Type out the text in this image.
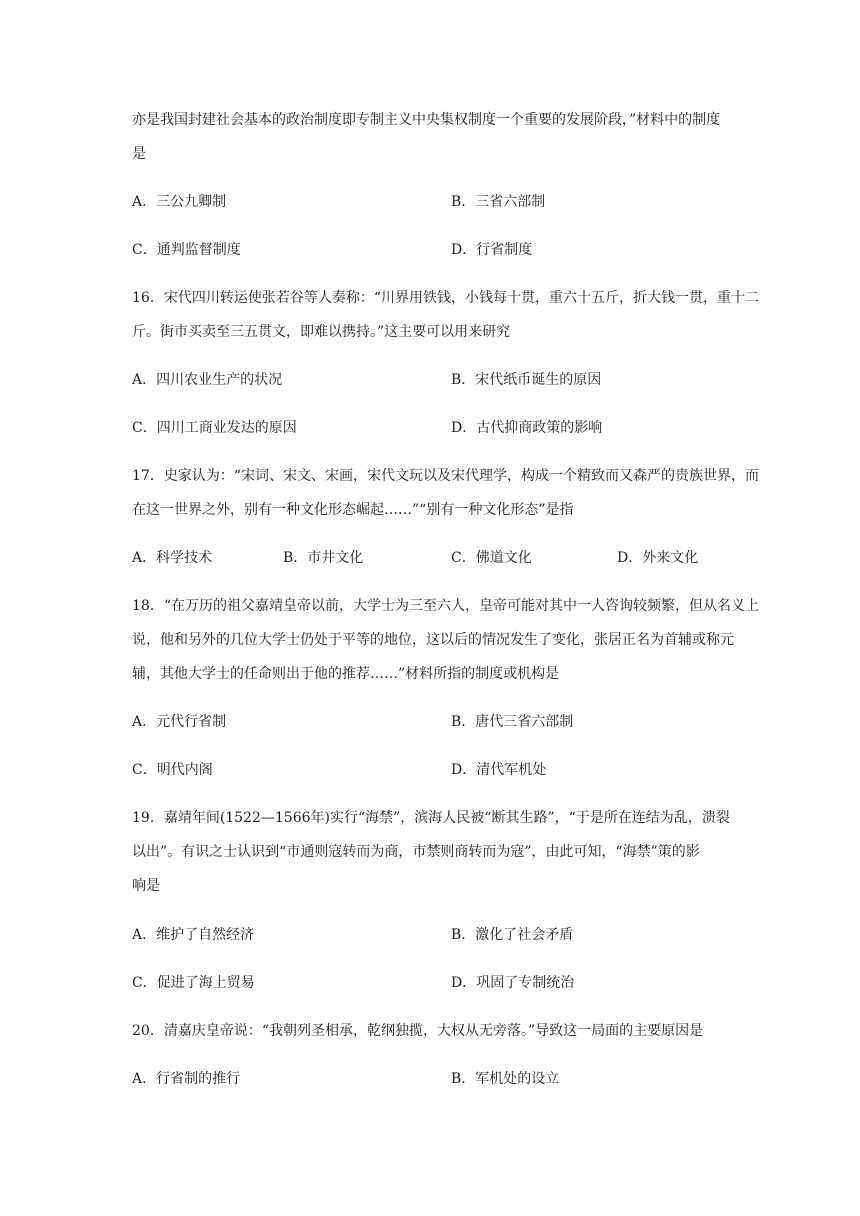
亦是我国封建社会基本的政治制度即专制主义中央集权制度一个重要的发展阶段，”材料中的制度
是
A．三公九卿制	B．三省六部制
C．通判监督制度	D．行省制度
16．宋代四川转运使张若谷等人奏称：“川界用铁钱，小钱每十贯，重六十五斤，折大钱一贯，重十二
斤。街市买卖至三五贯文，即难以携持。”这主要可以用来研究
A．四川农业生产的状况	B．宋代纸币诞生的原因
C．四川工商业发达的原因	D．古代抑商政策的影响
17．史家认为：“宋词、宋文、宋画，宋代文玩以及宋代理学，构成一个精致而又森严的贵族世界，而
在这一世界之外，别有一种文化形态崛起……”“别有一种文化形态”是指
A．科学技术	B．市井文化	C．佛道文化	D．外来文化
18．“在万历的祖父嘉靖皇帝以前，大学士为三至六人，皇帝可能对其中一人咨询较频繁，但从名义上
说，他和另外的几位大学士仍处于平等的地位，这以后的情况发生了变化，张居正名为首辅或称元
辅，其他大学士的任命则出于他的推荐……”材料所指的制度或机构是
A．元代行省制	B．唐代三省六部制
C．明代内阁	D．清代军机处
19．嘉靖年间(1522—1566年)实行“海禁”，滨海人民被“断其生路”，“于是所在连结为乱，溃裂
以出”。有识之士认识到“市通则寇转而为商，市禁则商转而为寇”，由此可知，“海禁”策的影
响是
A．维护了自然经济	B．激化了社会矛盾
C．促进了海上贸易	D．巩固了专制统治
20．清嘉庆皇帝说：“我朝列圣相承，乾纲独揽，大权从无旁落。”导致这一局面的主要原因是
A．行省制的推行	B．军机处的设立
